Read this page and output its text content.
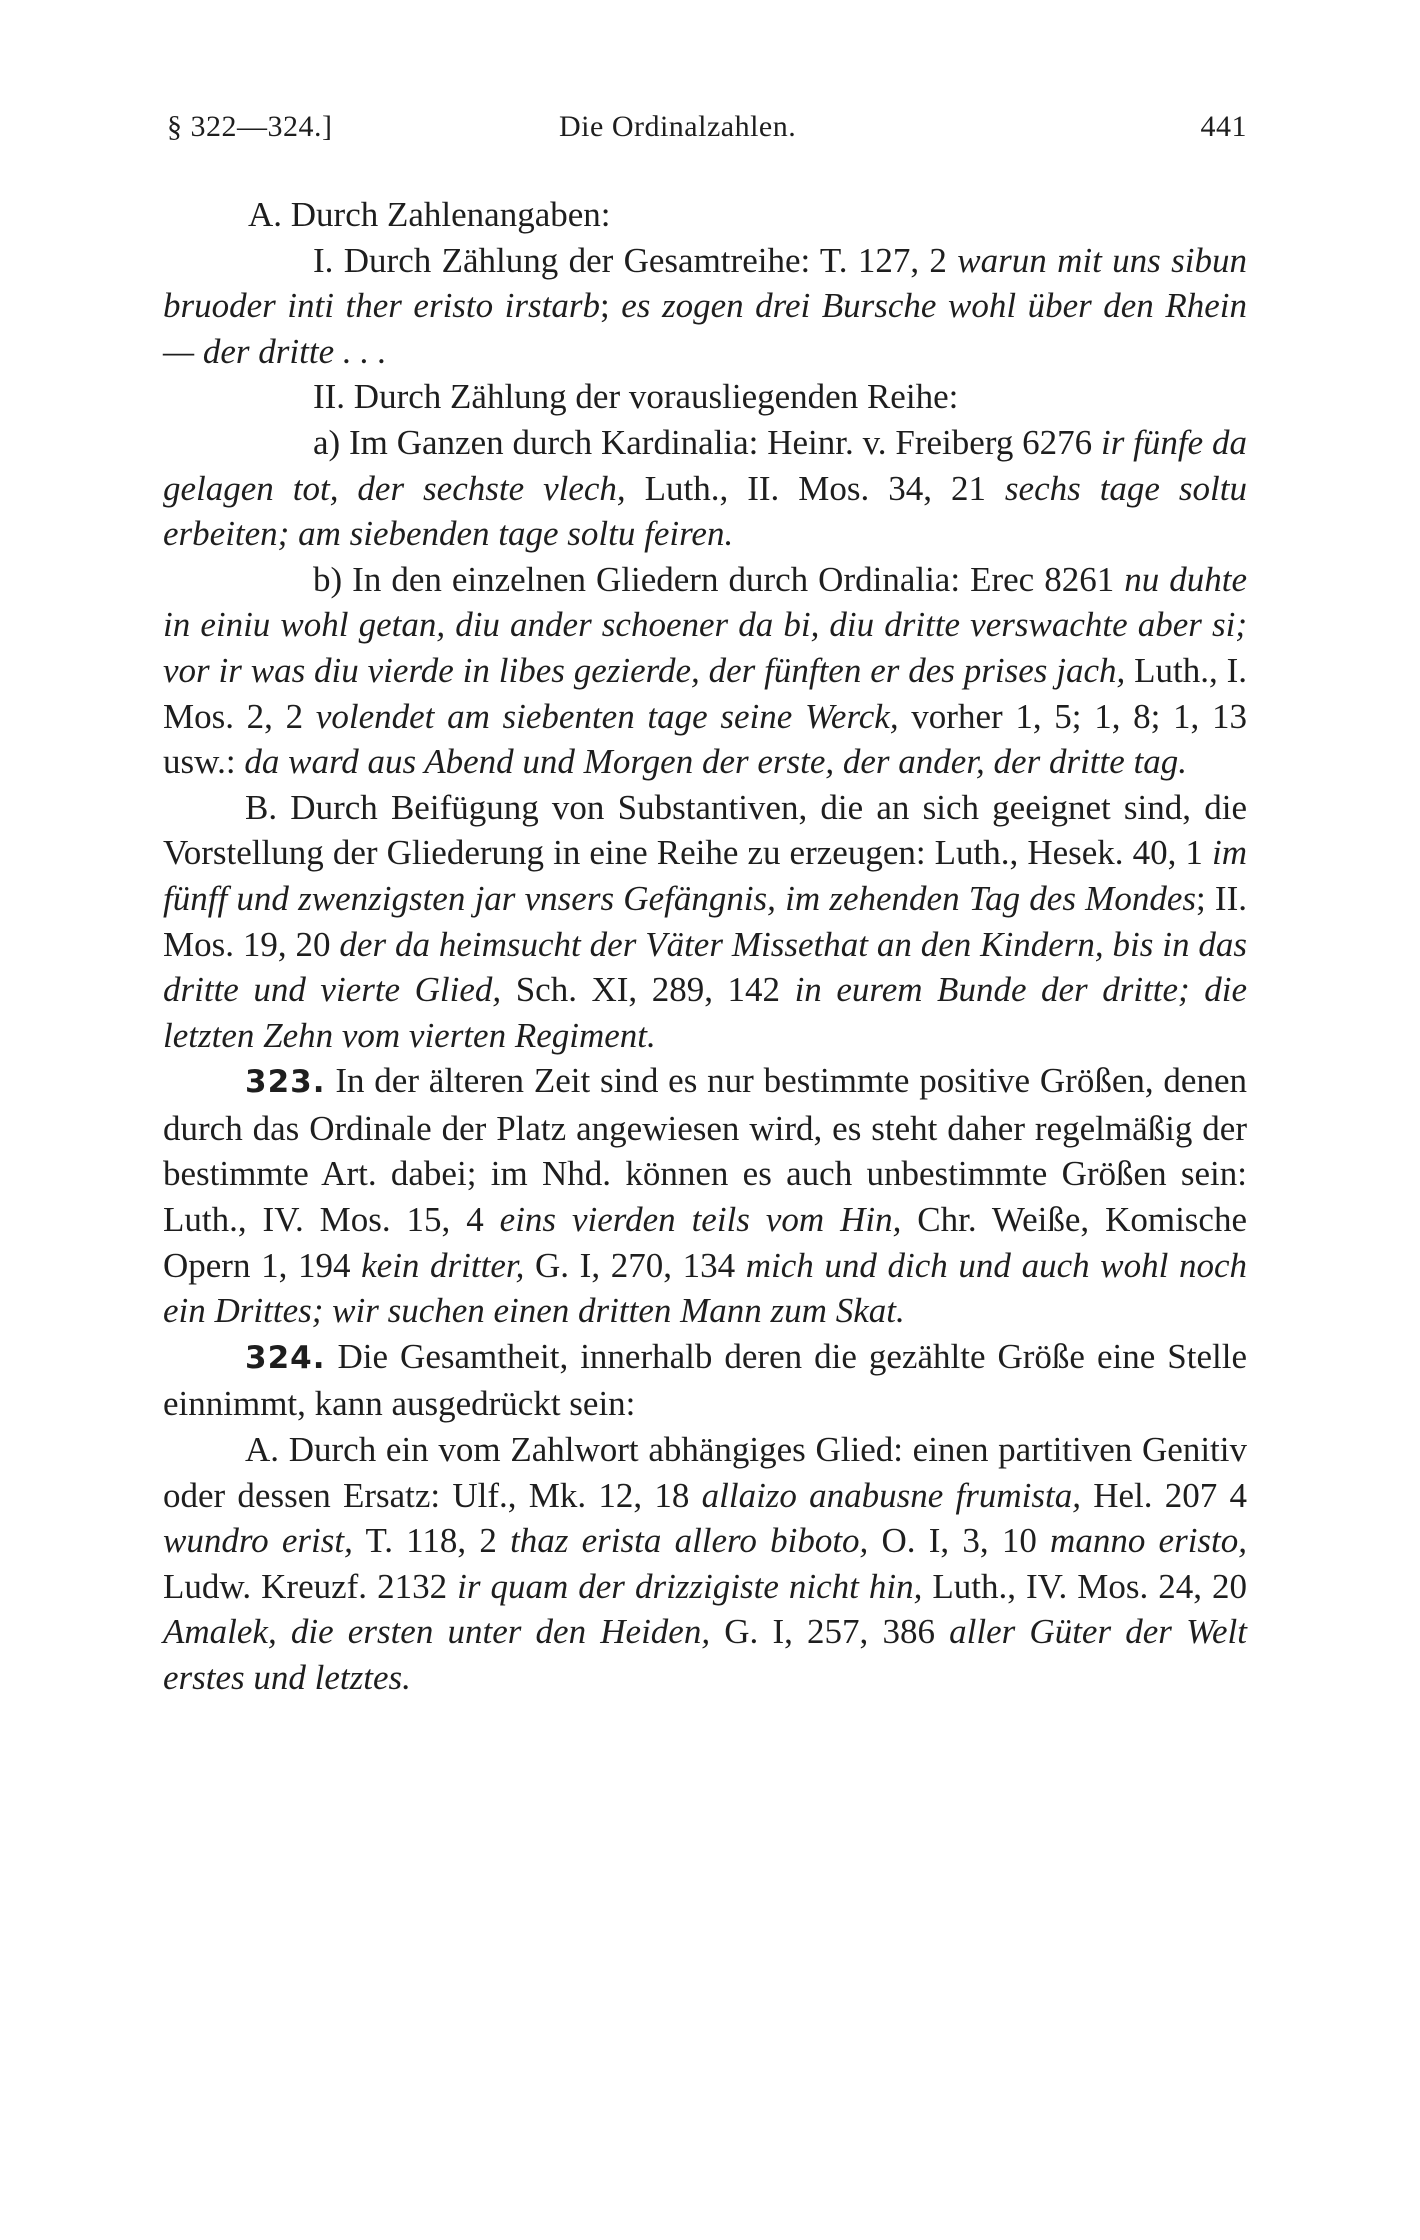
§ 322—324.]	Die Ordinalzahlen.	441

A. Durch Zahlenangaben:

I. Durch Zählung der Gesamtreihe: T. 127, 2 warun mit uns sibun bruoder inti ther eristo irstarb; es zogen drei Bursche wohl über den Rhein — der dritte . . .

II. Durch Zählung der vorausliegenden Reihe:

a) Im Ganzen durch Kardinalia: Heinr. v. Freiberg 6276 ir fünfe da gelagen tot, der sechste vlech, Luth., II. Mos. 34, 21 sechs tage soltu erbeiten; am siebenden tage soltu feiren.

b) In den einzelnen Gliedern durch Ordinalia: Erec 8261 nu duhte in einiu wohl getan, diu ander schoener da bi, diu dritte verswachte aber si; vor ir was diu vierde in libes gezierde, der fünften er des prises jach, Luth., I. Mos. 2, 2 volendet am siebenten tage seine Werck, vorher 1, 5; 1, 8; 1, 13 usw.: da ward aus Abend und Morgen der erste, der ander, der dritte tag.

B. Durch Beifügung von Substantiven, die an sich geeignet sind, die Vorstellung der Gliederung in eine Reihe zu erzeugen: Luth., Hesek. 40, 1 im fünff und zwenzigsten jar vnsers Gefängnis, im zehenden Tag des Mondes; II. Mos. 19, 20 der da heimsucht der Väter Missethat an den Kindern, bis in das dritte und vierte Glied, Sch. XI, 289, 142 in eurem Bunde der dritte; die letzten Zehn vom vierten Regiment.

323. In der älteren Zeit sind es nur bestimmte positive Größen, denen durch das Ordinale der Platz angewiesen wird, es steht daher regelmäßig der bestimmte Art. dabei; im Nhd. können es auch unbestimmte Größen sein: Luth., IV. Mos. 15, 4 eins vierden teils vom Hin, Chr. Weiße, Komische Opern 1, 194 kein dritter, G. I, 270, 134 mich und dich und auch wohl noch ein Drittes; wir suchen einen dritten Mann zum Skat.

324. Die Gesamtheit, innerhalb deren die gezählte Größe eine Stelle einnimmt, kann ausgedrückt sein:

A. Durch ein vom Zahlwort abhängiges Glied: einen partitiven Genitiv oder dessen Ersatz: Ulf., Mk. 12, 18 allaizo anabusne frumista, Hel. 207 4 wundro erist, T. 118, 2 thaz erista allero biboto, O. I, 3, 10 manno eristo, Ludw. Kreuzf. 2132 ir quam der drizzigiste nicht hin, Luth., IV. Mos. 24, 20 Amalek, die ersten unter den Heiden, G. I, 257, 386 aller Güter der Welt erstes und letztes.
